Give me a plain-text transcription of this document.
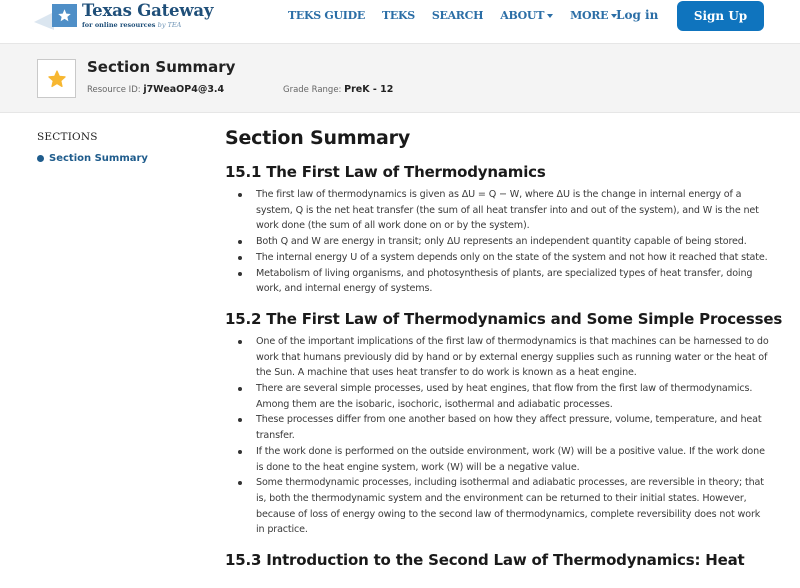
Texas Gateway
for online resources by TEA
TEKS GUIDE TEKS SEARCH ABOUT	MORE Log in	Sign Up
Section Summary
Resource ID: j7WeaOP4@3.4	Grade Range: PreK - 12
SECTIONS
Section Summary
Section Summary
15.1 The First Law of Thermodynamics
The first law of thermodynamics is given as ΔU = Q − W, where ΔU is the change in internal energy of a system, Q is the net heat transfer (the sum of all heat transfer into and out of the system), and W is the net work done (the sum of all work done on or by the system).
Both Q and W are energy in transit; only ΔU represents an independent quantity capable of being stored.
The internal energy U of a system depends only on the state of the system and not how it reached that state.
Metabolism of living organisms, and photosynthesis of plants, are specialized types of heat transfer, doing work, and internal energy of systems.
15.2 The First Law of Thermodynamics and Some Simple Processes
One of the important implications of the first law of thermodynamics is that machines can be harnessed to do work that humans previously did by hand or by external energy supplies such as running water or the heat of the Sun. A machine that uses heat transfer to do work is known as a heat engine.
There are several simple processes, used by heat engines, that flow from the first law of thermodynamics. Among them are the isobaric, isochoric, isothermal and adiabatic processes.
These processes differ from one another based on how they affect pressure, volume, temperature, and heat transfer.
If the work done is performed on the outside environment, work (W) will be a positive value. If the work done is done to the heat engine system, work (W) will be a negative value.
Some thermodynamic processes, including isothermal and adiabatic processes, are reversible in theory; that is, both the thermodynamic system and the environment can be returned to their initial states. However, because of loss of energy owing to the second law of thermodynamics, complete reversibility does not work in practice.
15.3 Introduction to the Second Law of Thermodynamics: Heat
